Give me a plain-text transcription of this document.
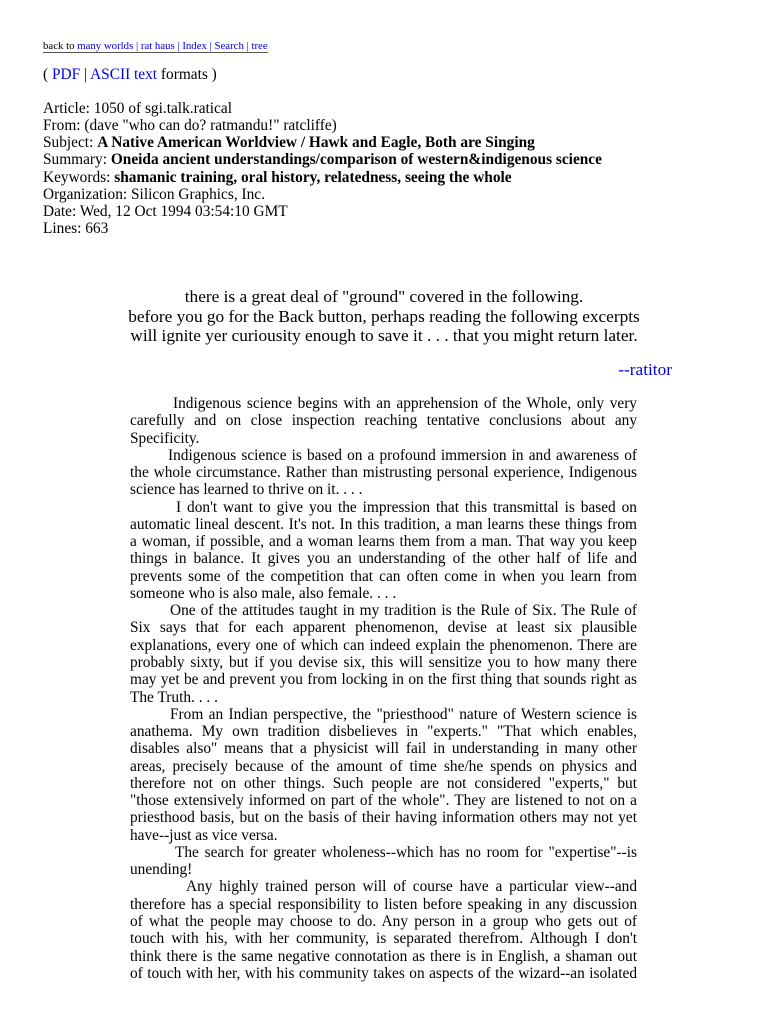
back to many worlds | rat haus | Index | Search | tree
( PDF | ASCII text formats )
Article: 1050 of sgi.talk.ratical
From: (dave "who can do? ratmandu!" ratcliffe)
Subject: A Native American Worldview / Hawk and Eagle, Both are Singing
Summary: Oneida ancient understandings/comparison of western&indigenous science
Keywords: shamanic training, oral history, relatedness, seeing the whole
Organization: Silicon Graphics, Inc.
Date: Wed, 12 Oct 1994 03:54:10 GMT
Lines: 663
there is a great deal of "ground" covered in the following.
before you go for the Back button, perhaps reading the following excerpts
will ignite yer curiousity enough to save it . . . that you might return later.
--ratitor
Indigenous science begins with an apprehension of the Whole, only very
carefully and on close inspection reaching tentative conclusions about any
Specificity.
Indigenous science is based on a profound immersion in and awareness of
the whole circumstance. Rather than mistrusting personal experience, Indigenous
science has learned to thrive on it. . . .
I don't want to give you the impression that this transmittal is based on
automatic lineal descent. It's not. In this tradition, a man learns these things from
a woman, if possible, and a woman learns them from a man. That way you keep
things in balance. It gives you an understanding of the other half of life and
prevents some of the competition that can often come in when you learn from
someone who is also male, also female. . . .
One of the attitudes taught in my tradition is the Rule of Six. The Rule of
Six says that for each apparent phenomenon, devise at least six plausible
explanations, every one of which can indeed explain the phenomenon. There are
probably sixty, but if you devise six, this will sensitize you to how many there
may yet be and prevent you from locking in on the first thing that sounds right as
The Truth. . . .
From an Indian perspective, the "priesthood" nature of Western science is
anathema. My own tradition disbelieves in "experts." "That which enables,
disables also" means that a physicist will fail in understanding in many other
areas, precisely because of the amount of time she/he spends on physics and
therefore not on other things. Such people are not considered "experts," but
"those extensively informed on part of the whole". They are listened to not on a
priesthood basis, but on the basis of their having information others may not yet
have--just as vice versa.
The search for greater wholeness--which has no room for "expertise"--is
unending!
Any highly trained person will of course have a particular view--and
therefore has a special responsibility to listen before speaking in any discussion
of what the people may choose to do. Any person in a group who gets out of
touch with his, with her community, is separated therefrom. Although I don't
think there is the same negative connotation as there is in English, a shaman out
of touch with her, with his community takes on aspects of the wizard--an isolated
